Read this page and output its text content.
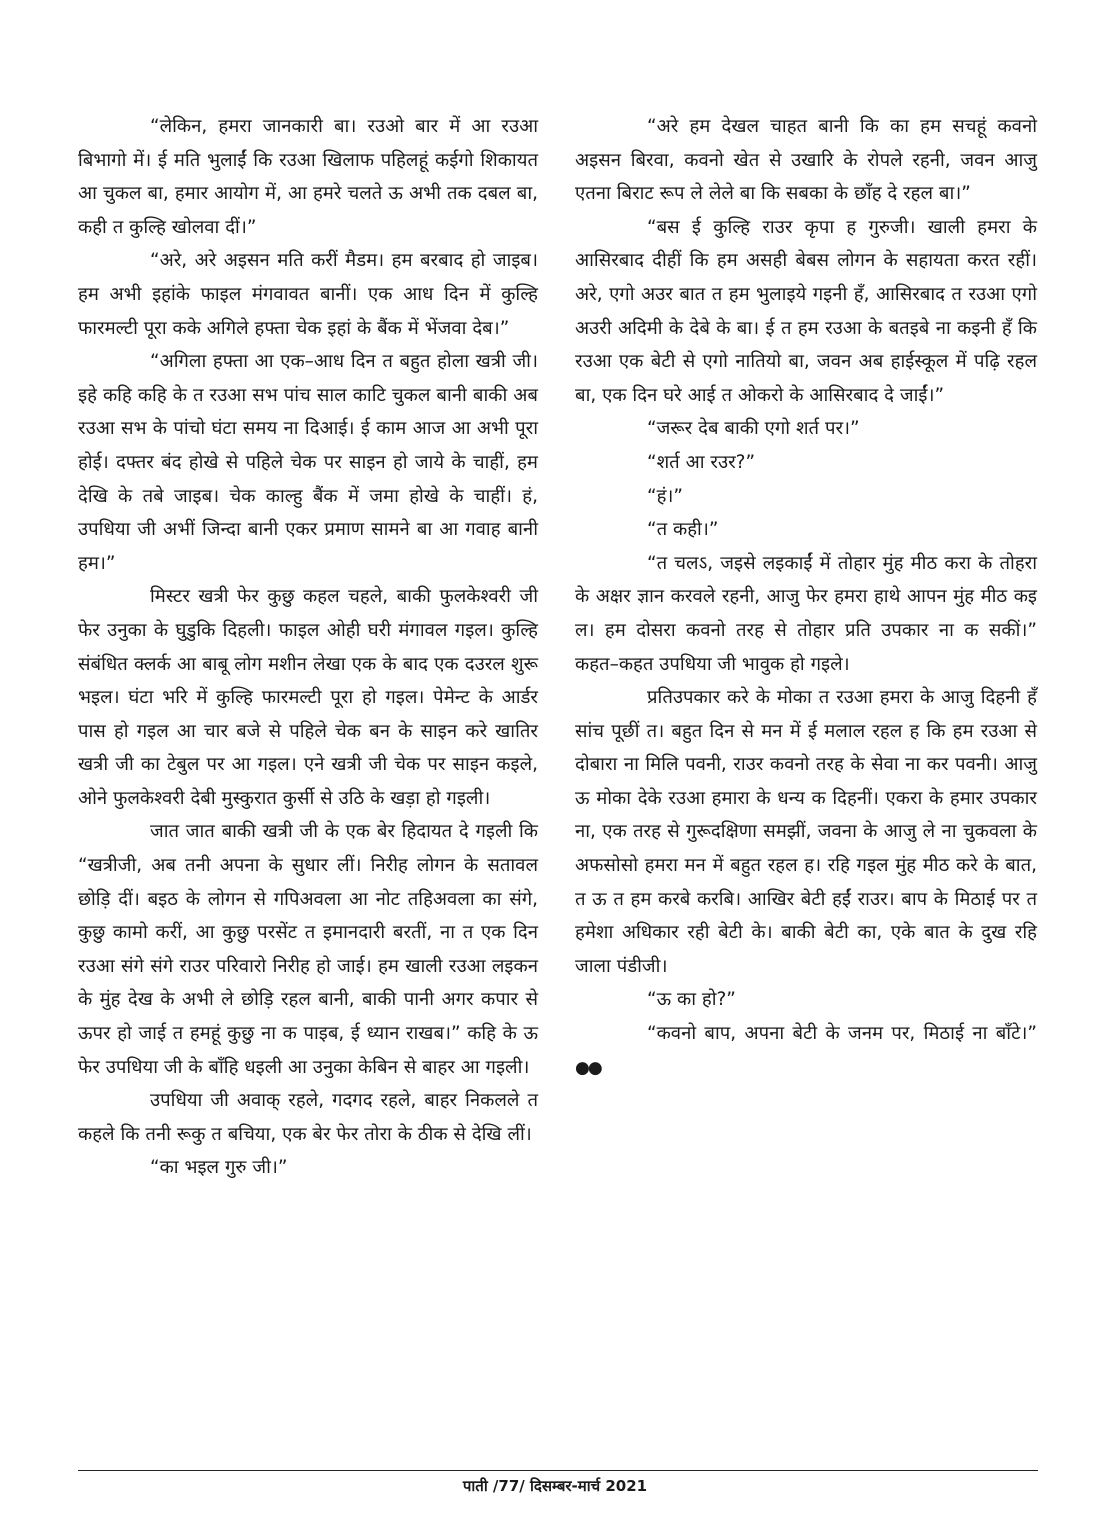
“लेकिन, हमरा जानकारी बा। रउओ बार में आ रउआ बिभागो में। ई मति भुलाईं कि रउआ खिलाफ पहिलहूं कईगो शिकायत आ चुकल बा, हमार आयोग में, आ हमरे चलते ऊ अभी तक दबल बा, कही त कुल्हि खोलवा दीं।”

“अरे, अरे अइसन मति करीं मैडम। हम बरबाद हो जाइब। हम अभी इहांके फाइल मंगवावत बानीं। एक आध दिन में कुल्हि फारमल्टी पूरा कके अगिले हफ्ता चेक इहां के बैंक में भेंजवा देब।”

“अगिला हफ्ता आ एक–आध दिन त बहुत होला खत्री जी। इहे कहि कहि के त रउआ सभ पांच साल काटि चुकल बानी बाकी अब रउआ सभ के पांचो घंटा समय ना दिआई। ई काम आज आ अभी पूरा होई। दफ्तर बंद होखे से पहिले चेक पर साइन हो जाये के चाहीं, हम देखि के तबे जाइब। चेक काल्हु बैंक में जमा होखे के चाहीं। हं, उपधिया जी अभीं जिन्दा बानी एकर प्रमाण सामने बा आ गवाह बानी हम।”

मिस्टर खत्री फेर कुछु कहल चहले, बाकी फुलकेश्वरी जी फेर उनुका के घुडुकि दिहली। फाइल ओही घरी मंगावल गइल। कुल्हि संबंधित क्लर्क आ बाबू लोग मशीन लेखा एक के बाद एक दउरल शुरू भइल। घंटा भरि में कुल्हि फारमल्टी पूरा हो गइल। पेमेन्ट के आर्डर पास हो गइल आ चार बजे से पहिले चेक बन के साइन करे खातिर खत्री जी का टेबुल पर आ गइल। एने खत्री जी चेक पर साइन कइले, ओने फुलकेश्वरी देबी मुस्कुरात कुर्सी से उठि के खड़ा हो गइली।

जात जात बाकी खत्री जी के एक बेर हिदायत दे गइली कि “खत्रीजी, अब तनी अपना के सुधार लीं। निरीह लोगन के सतावल छोड़ि दीं। बइठ के लोगन से गपिअवला आ नोट तहिअवला का संगे, कुछु कामो करीं, आ कुछु परसेंट त इमानदारी बरतीं, ना त एक दिन रउआ संगे संगे राउर परिवारो निरीह हो जाई। हम खाली रउआ लइकन के मुंह देख के अभी ले छोड़ि रहल बानी, बाकी पानी अगर कपार से ऊपर हो जाई त हमहूं कुछु ना क पाइब, ई ध्यान राखब।” कहि के ऊ फेर उपधिया जी के बॉंहि धइली आ उनुका केबिन से बाहर आ गइली।

उपधिया जी अवाक् रहले, गदगद रहले, बाहर निकलले त कहले कि तनी रूकु त बचिया, एक बेर फेर तोरा के ठीक से देखि लीं।

“का भइल गुरु जी।”

“अरे हम देखल चाहत बानी कि का हम सचहूं कवनो अइसन बिरवा, कवनो खेत से उखारि के रोपले रहनी, जवन आजु एतना बिराट रूप ले लेले बा कि सबका के छॉंह दे रहल बा।”

“बस ई कुल्हि राउर कृपा ह गुरुजी। खाली हमरा के आसिरबाद दीहीं कि हम असही बेबस लोगन के सहायता करत रहीं। अरे, एगो अउर बात त हम भुलाइये गइनी हँ, आसिरबाद त रउआ एगो अउरी अदिमी के देबे के बा। ई त हम रउआ के बतइबे ना कइनी हँ कि रउआ एक बेटी से एगो नातियो बा, जवन अब हाईस्कूल में पढ़ि रहल बा, एक दिन घरे आई त ओकरो के आसिरबाद दे जाईं।”

“जरूर देब बाकी एगो शर्त पर।”

“शर्त आ रउर?”

“हं।”

“त कही।”

“त चलऽ, जइसे लइकाईं में तोहार मुंह मीठ करा के तोहरा के अक्षर ज्ञान करवले रहनी, आजु फेर हमरा हाथे आपन मुंह मीठ कइ ल। हम दोसरा कवनो तरह से तोहार प्रति उपकार ना क सकीं।” कहत–कहत उपधिया जी भावुक हो गइले।

प्रतिउपकार करे के मोका त रउआ हमरा के आजु दिहनी हँ सांच पूछीं त। बहुत दिन से मन में ई मलाल रहल ह कि हम रउआ से दोबारा ना मिलि पवनी, राउर कवनो तरह के सेवा ना कर पवनी। आजु ऊ मोका देके रउआ हमारा के धन्य क दिहनीं। एकरा के हमार उपकार ना, एक तरह से गुरूदक्षिणा समझीं, जवना के आजु ले ना चुकवला के अफसोसो हमरा मन में बहुत रहल ह। रहि गइल मुंह मीठ करे के बात, त ऊ त हम करबे करबि। आखिर बेटी हईं राउर। बाप के मिठाई पर त हमेशा अधिकार रही बेटी के। बाकी बेटी का, एके बात के दुख रहि जाला पंडीजी।

“ऊ का हो?”

“कवनो बाप, अपना बेटी के जनम पर, मिठाई ना बॉंटे।” ●●

पाती /77/ दिसम्बर-मार्च 2021
